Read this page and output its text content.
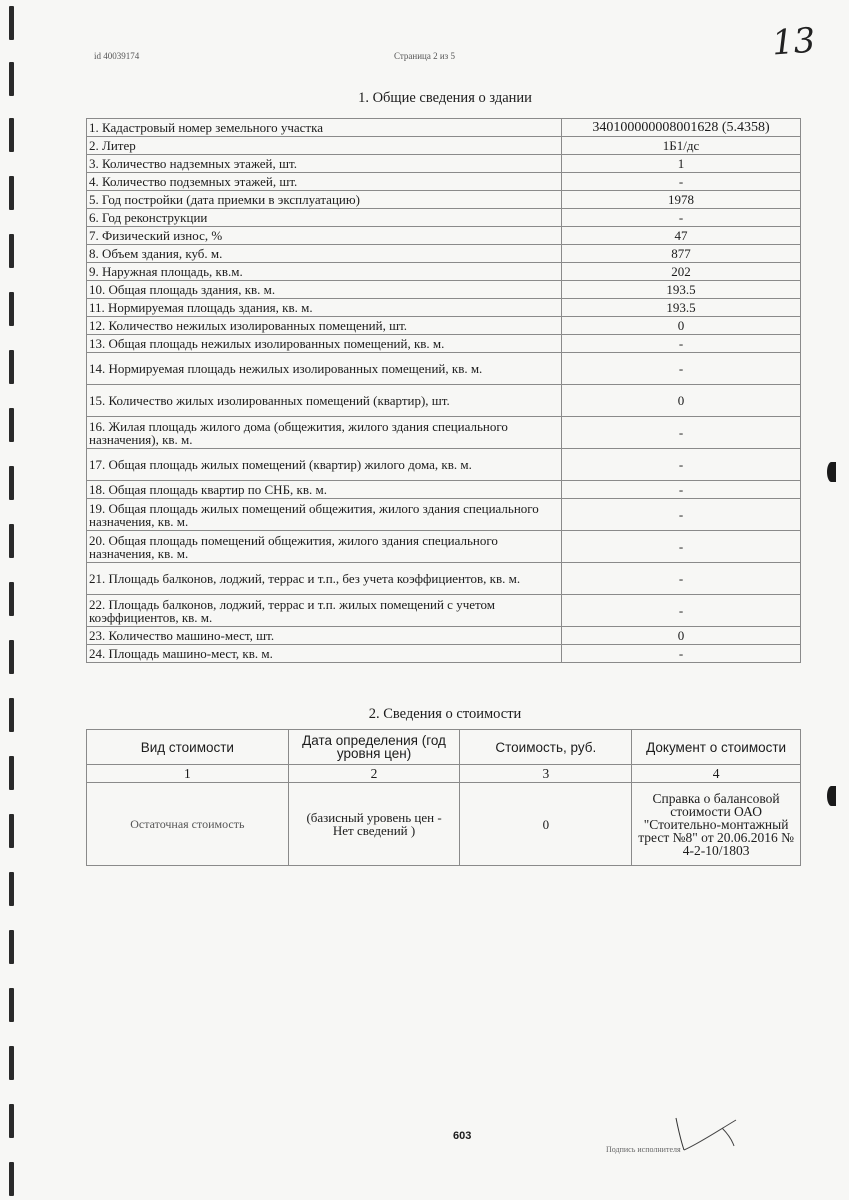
id 40039174	Страница 2 из 5	13
1. Общие сведения о здании
1. Кадастровый номер земельного участка	340100000008001628 (5.4358)
2. Литер	1Б1/дс
3. Количество надземных этажей, шт.	1
4. Количество подземных этажей, шт.	-
5. Год постройки (дата приемки в эксплуатацию)	1978
6. Год реконструкции	-
7. Физический износ, %	47
8. Объем здания, куб. м.	877
9. Наружная площадь, кв.м.	202
10. Общая площадь здания, кв. м.	193.5
11. Нормируемая площадь здания, кв. м.	193.5
12. Количество нежилых изолированных помещений, шт.	0
13. Общая площадь нежилых изолированных помещений, кв. м.	-
14. Нормируемая площадь нежилых изолированных помещений, кв. м.	-
15. Количество жилых изолированных помещений (квартир), шт.	0
16. Жилая площадь жилого дома (общежития, жилого здания специального назначения), кв. м.	-
17. Общая площадь жилых помещений (квартир) жилого дома, кв. м.	-
18. Общая площадь квартир по СНБ, кв. м.	-
19. Общая площадь жилых помещений общежития, жилого здания специального назначения, кв. м.	-
20. Общая площадь помещений общежития, жилого здания специального назначения, кв. м.	-
21. Площадь балконов, лоджий, террас и т.п., без учета коэффициентов, кв. м.	-
22. Площадь балконов, лоджий, террас и т.п. жилых помещений с учетом коэффициентов, кв. м.	-
23. Количество машино-мест, шт.	0
24. Площадь машино-мест, кв. м.	-
2. Сведения о стоимости
Вид стоимости	Дата определения (год уровня цен)	Стоимость, руб.	Документ о стоимости
1	2	3	4
Остаточная стоимость	(базисный уровень цен - Нет сведений )	0	Справка о балансовой стоимости ОАО "Стоительно-монтажный трест №8" от 20.06.2016 № 4-2-10/1803
603
Подпись исполнителя
